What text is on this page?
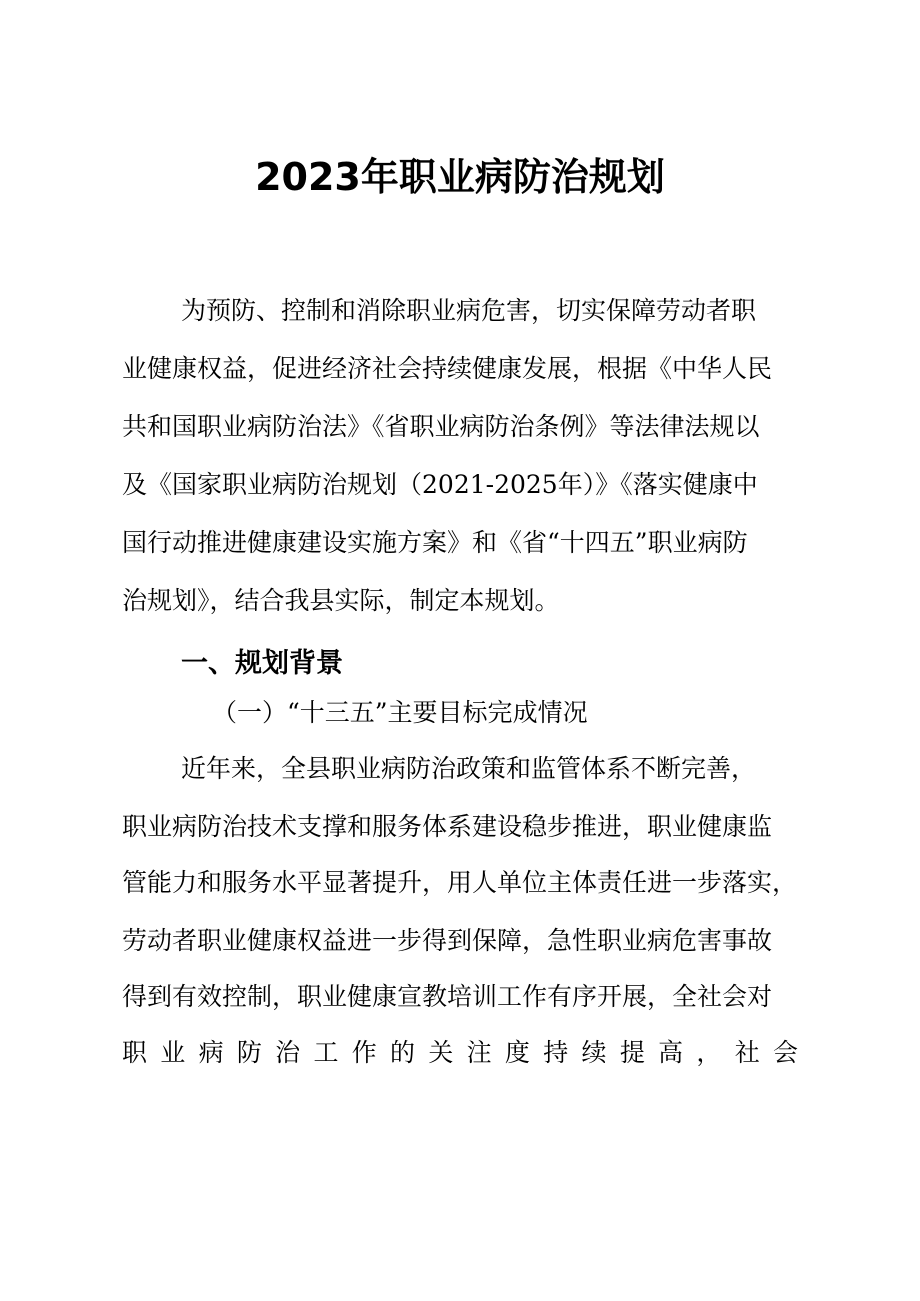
2023年职业病防治规划
为预防、控制和消除职业病危害，切实保障劳动者职
业健康权益，促进经济社会持续健康发展，根据《中华人民
共和国职业病防治法》《省职业病防治条例》等法律法规以
及《国家职业病防治规划（2021-2025年）》《落实健康中
国行动推进健康建设实施方案》和《省“十四五”职业病防
治规划》，结合我县实际，制定本规划。
一、规划背景
（一）“十三五”主要目标完成情况
近年来，全县职业病防治政策和监管体系不断完善，
职业病防治技术支撑和服务体系建设稳步推进，职业健康监
管能力和服务水平显著提升，用人单位主体责任进一步落实，
劳动者职业健康权益进一步得到保障，急性职业病危害事故
得到有效控制，职业健康宣教培训工作有序开展，全社会对
职业病防治工作的关注度持续提高，社会
